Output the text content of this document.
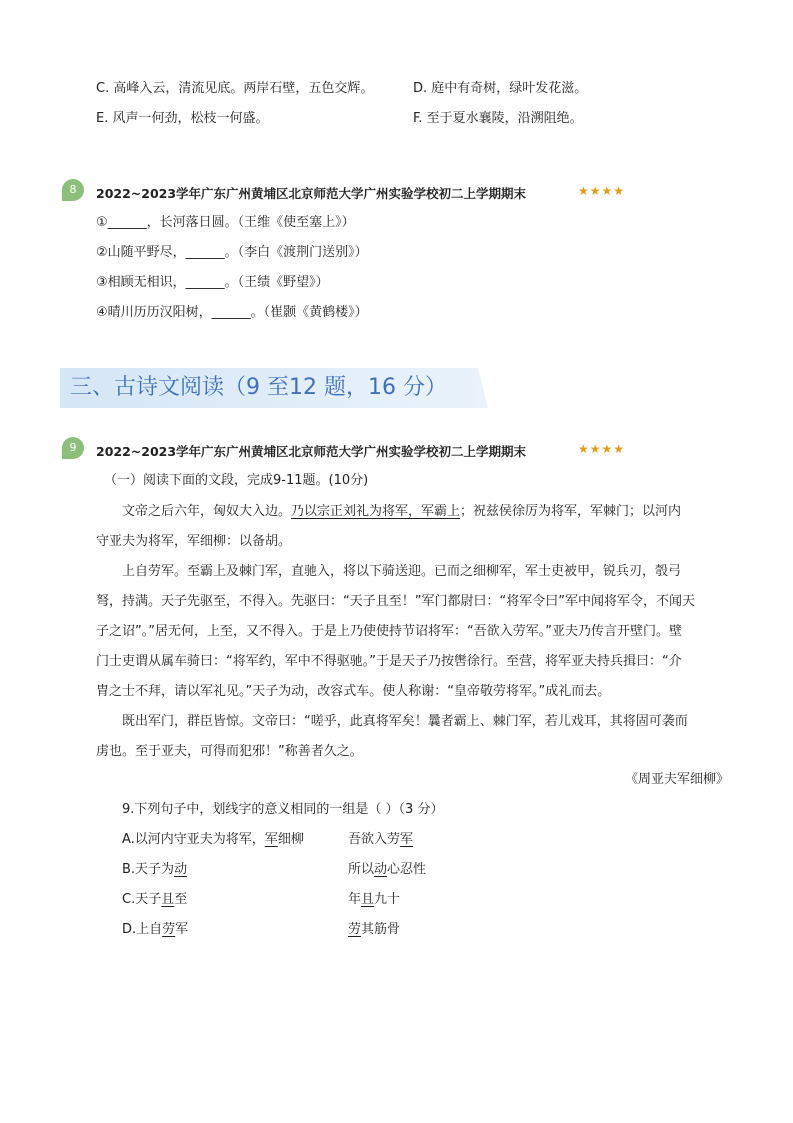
C. 高峰入云，清流见底。两岸石壁，五色交辉。	D. 庭中有奇树，绿叶发花滋。
E. 风声一何劲，松枝一何盛。	F. 至于夏水襄陵，沿溯阻绝。
8	2022~2023学年广东广州黄埔区北京师范大学广州实验学校初二上学期期末	★★★★
①______，长河落日圆。（王维《使至塞上》）
②山随平野尽，______。（李白《渡荆门送别》）
③相顾无相识，______。（王绩《野望》）
④晴川历历汉阳树，______。（崔颢《黄鹤楼》）
三、古诗文阅读（9 至12 题，16 分）
9	2022~2023学年广东广州黄埔区北京师范大学广州实验学校初二上学期期末	★★★★
（一）阅读下面的文段，完成9-11题。(10分)
文帝之后六年，匈奴大入边。乃以宗正刘礼为将军，军霸上；祝兹侯徐厉为将军，军棘门；以河内
守亚夫为将军，军细柳：以备胡。
上自劳军。至霸上及棘门军，直驰入，将以下骑送迎。已而之细柳军，军士吏被甲，锐兵刃，彀弓
弩，持满。天子先驱至，不得入。先驱曰：“天子且至！”军门都尉曰：“将军令曰”军中闻将军令，不闻天
子之诏”。”居无何，上至，又不得入。于是上乃使使持节诏将军：“吾欲入劳军。”亚夫乃传言开壁门。壁
门士吏谓从属车骑曰：“将军约，军中不得驱驰。”于是天子乃按辔徐行。至营，将军亚夫持兵揖曰：“介
胄之士不拜，请以军礼见。”天子为动，改容式车。使人称谢：“皇帝敬劳将军。”成礼而去。
既出军门，群臣皆惊。文帝曰：“嗟乎，此真将军矣！曩者霸上、棘门军，若儿戏耳，其将固可袭而
虏也。至于亚夫，可得而犯邪！”称善者久之。
《周亚夫军细柳》
9.下列句子中，划线字的意义相同的一组是（ ）（3 分）
A.以河内守亚夫为将军，军细柳	吾欲入劳军
B.天子为动	所以动心忍性
C.天子且至	年且九十
D.上自劳军	劳其筋骨
